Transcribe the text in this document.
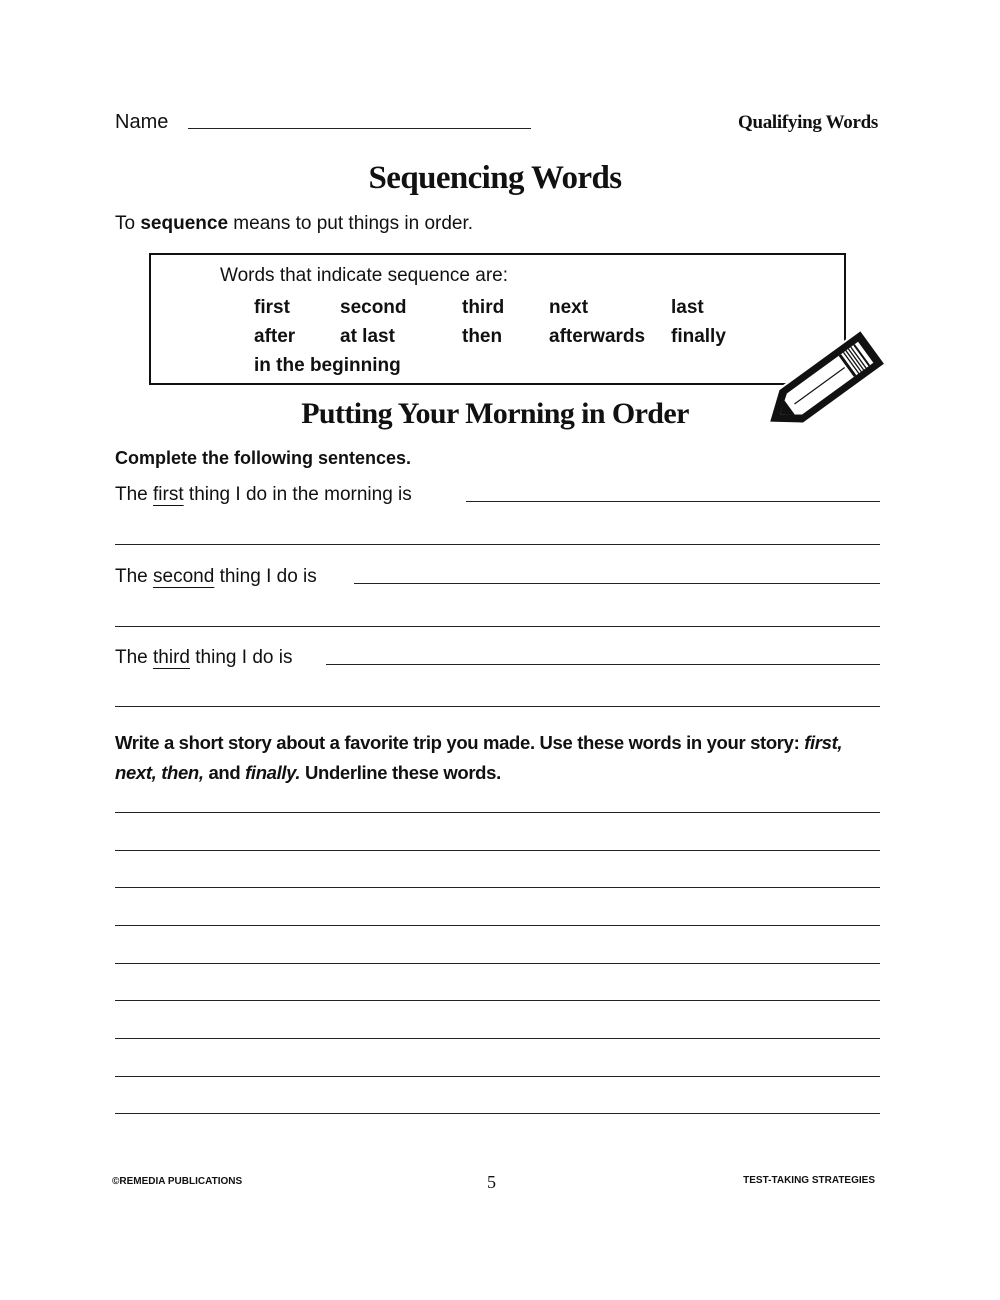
Name	Qualifying Words
Sequencing Words
To sequence means to put things in order.
Words that indicate sequence are:
first	second	third	next	last
after	at last	then	afterwards	finally
in the beginning
Putting Your Morning in Order
Complete the following sentences.
The first thing I do in the morning is
The second thing I do is
The third thing I do is
Write a short story about a favorite trip you made. Use these words in your story: first, next, then, and finally. Underline these words.
©REMEDIA PUBLICATIONS	5	TEST-TAKING STRATEGIES
